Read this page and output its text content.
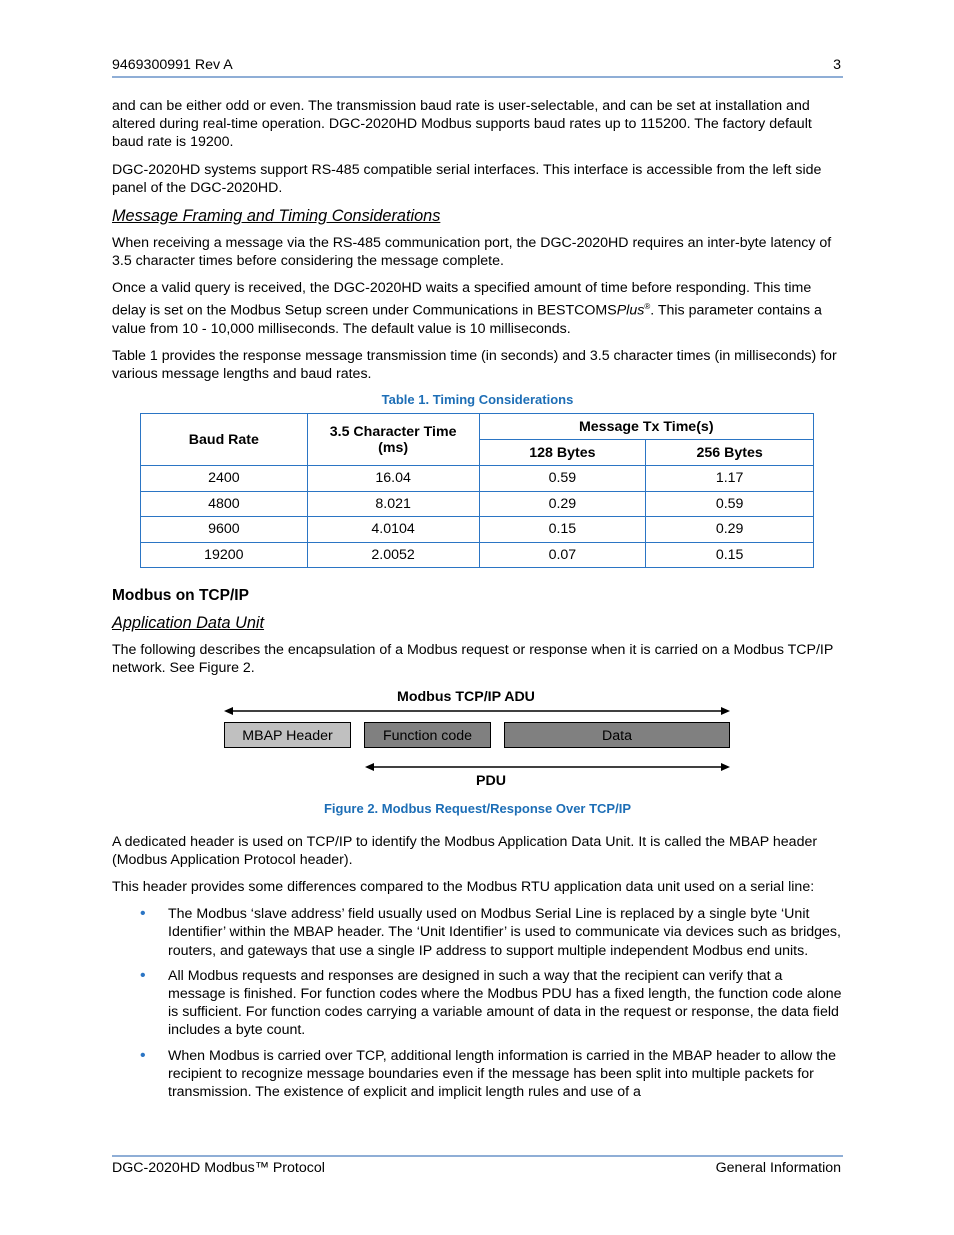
9469300991 Rev A	3

and can be either odd or even. The transmission baud rate is user-selectable, and can be set at installation and altered during real-time operation. DGC-2020HD Modbus supports baud rates up to 115200. The factory default baud rate is 19200.

DGC-2020HD systems support RS-485 compatible serial interfaces. This interface is accessible from the left side panel of the DGC-2020HD.

Message Framing and Timing Considerations

When receiving a message via the RS-485 communication port, the DGC-2020HD requires an inter-byte latency of 3.5 character times before considering the message complete.

Once a valid query is received, the DGC-2020HD waits a specified amount of time before responding. This time delay is set on the Modbus Setup screen under Communications in BESTCOMSPlus®. This parameter contains a value from 10 - 10,000 milliseconds. The default value is 10 milliseconds.

Table 1 provides the response message transmission time (in seconds) and 3.5 character times (in milliseconds) for various message lengths and baud rates.

Table 1. Timing Considerations
Baud Rate	3.5 Character Time (ms)	Message Tx Time(s)	
		128 Bytes	256 Bytes
2400	16.04	0.59	1.17
4800	8.021	0.29	0.59
9600	4.0104	0.15	0.29
19200	2.0052	0.07	0.15
Modbus on TCP/IP
Application Data Unit

The following describes the encapsulation of a Modbus request or response when it is carried on a Modbus TCP/IP network. See Figure 2.

Modbus TCP/IP ADU
MBAP Header	Function code	Data
PDU
Figure 2. Modbus Request/Response Over TCP/IP

A dedicated header is used on TCP/IP to identify the Modbus Application Data Unit. It is called the MBAP header (Modbus Application Protocol header).

This header provides some differences compared to the Modbus RTU application data unit used on a serial line:

• The Modbus ‘slave address’ field usually used on Modbus Serial Line is replaced by a single byte ‘Unit Identifier’ within the MBAP header. The ‘Unit Identifier’ is used to communicate via devices such as bridges, routers, and gateways that use a single IP address to support multiple independent Modbus end units.
• All Modbus requests and responses are designed in such a way that the recipient can verify that a message is finished. For function codes where the Modbus PDU has a fixed length, the function code alone is sufficient. For function codes carrying a variable amount of data in the request or response, the data field includes a byte count.
• When Modbus is carried over TCP, additional length information is carried in the MBAP header to allow the recipient to recognize message boundaries even if the message has been split into multiple packets for transmission. The existence of explicit and implicit length rules and use of a
DGC-2020HD Modbus™ Protocol	General Information
